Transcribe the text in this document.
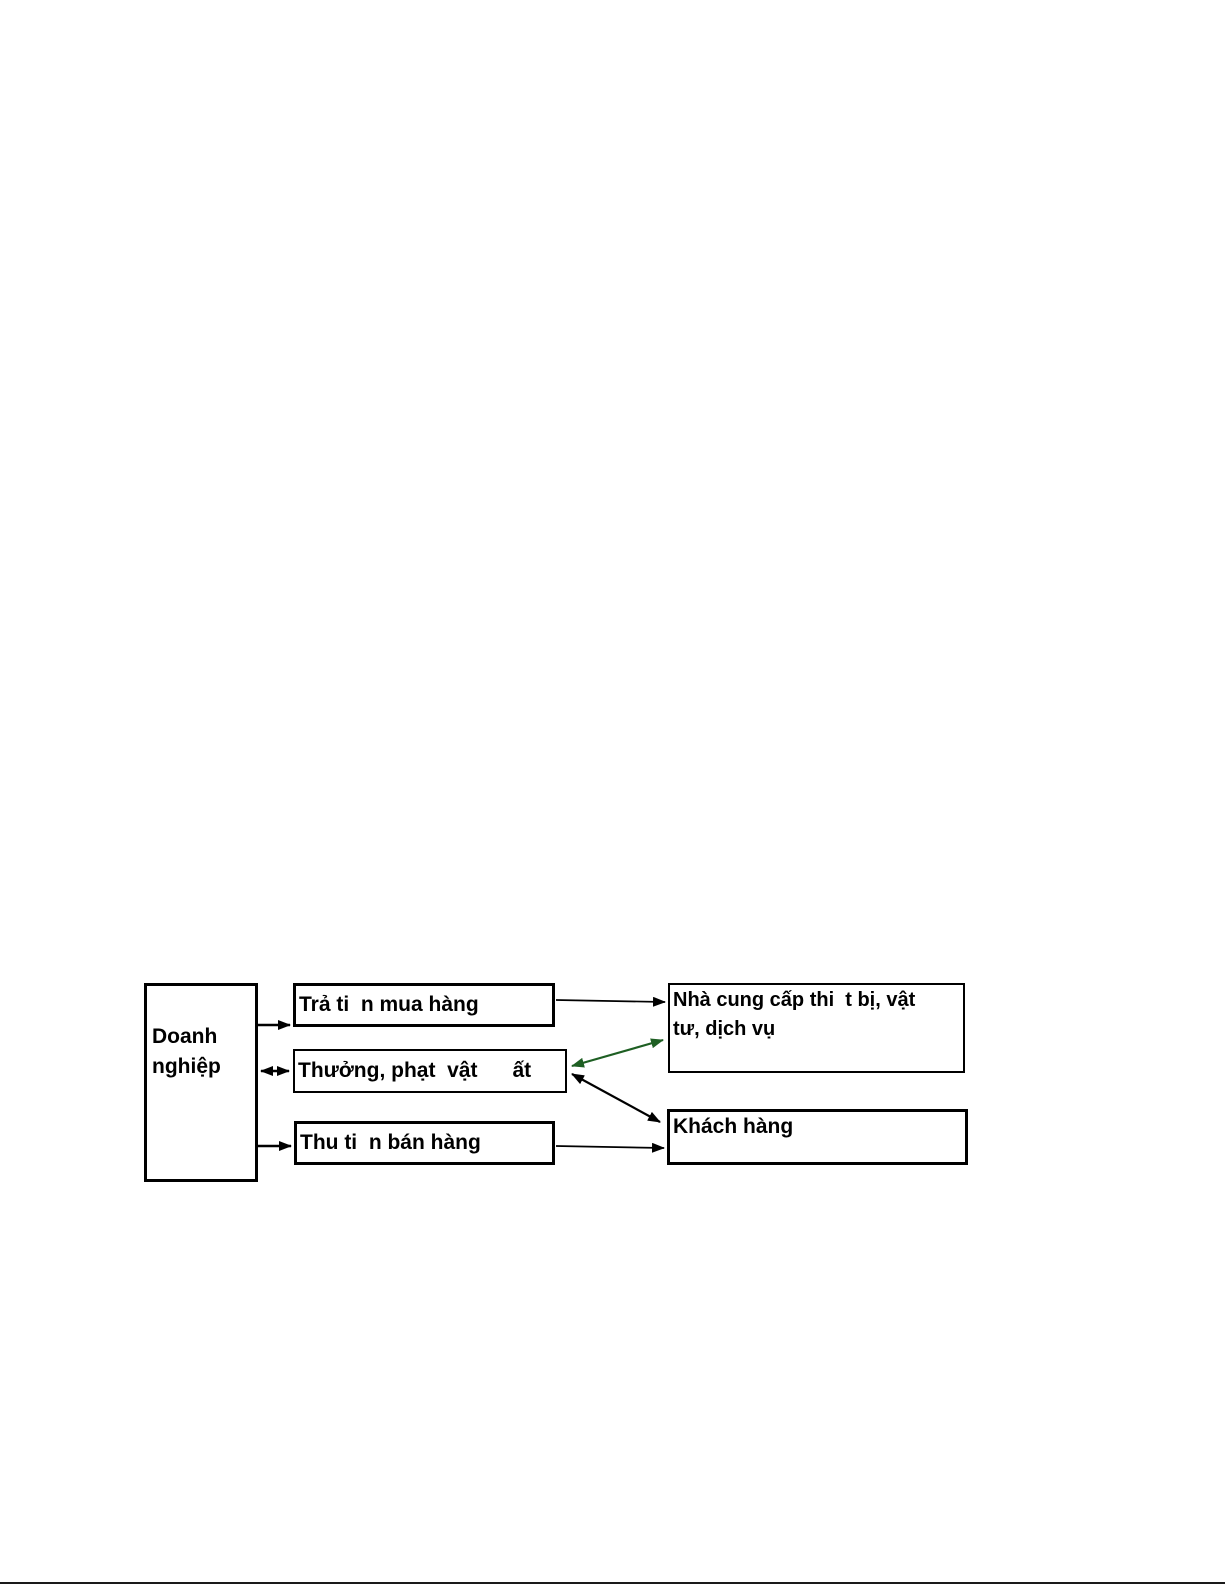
Doanh nghiệp
Trả ti  n mua hàng
Thưởng, phạt  vật      ất
Thu ti  n bán hàng
Nhà cung cấp thi  t bị, vật
tư, dịch vụ
Khách hàng
